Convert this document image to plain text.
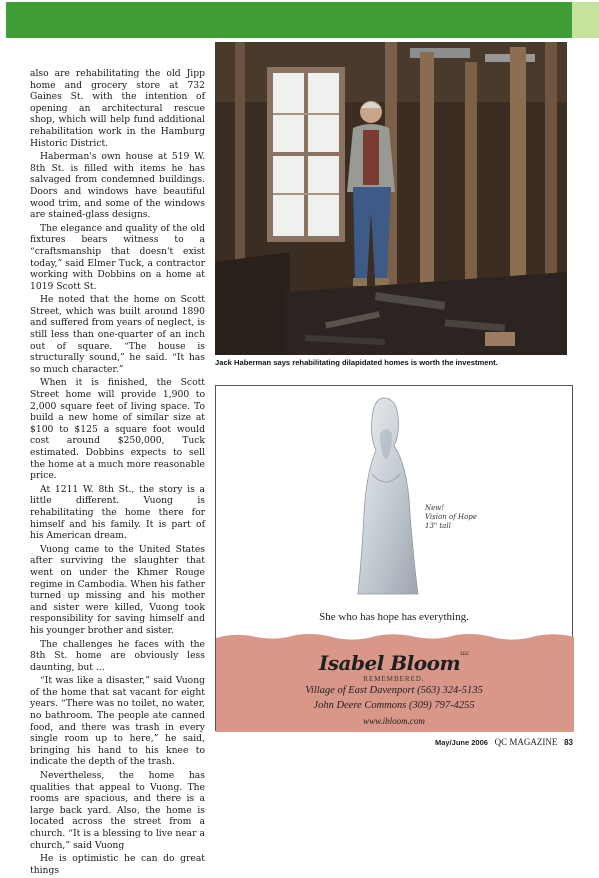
also are rehabilitating the old Jipp home and grocery store at 732 Gaines St. with the intention of opening an architectural rescue shop, which will help fund additional rehabilitation work in the Hamburg Historic District.

Haberman's own house at 519 W. 8th St. is filled with items he has salvaged from condemned buildings. Doors and windows have beautiful wood trim, and some of the windows are stained-glass designs.

The elegance and quality of the old fixtures bears witness to a “craftsmanship that doesn't exist today,” said Elmer Tuck, a contractor working with Dobbins on a home at 1019 Scott St.

He noted that the home on Scott Street, which was built around 1890 and suffered from years of neglect, is still less than one-quarter of an inch out of square. “The house is structurally sound,” he said. “It has so much character.”

When it is finished, the Scott Street home will provide 1,900 to 2,000 square feet of living space. To build a new home of similar size at $100 to $125 a square foot would cost around $250,000, Tuck estimated. Dobbins expects to sell the home at a much more reasonable price.

At 1211 W. 8th St., the story is a little different. Vuong is rehabilitating the home there for himself and his family. It is part of his American dream.

Vuong came to the United States after surviving the slaughter that went on under the Khmer Rouge regime in Cambodia. When his father turned up missing and his mother and sister were killed, Vuong took responsibility for saving himself and his younger brother and sister.

The challenges he faces with the 8th St. home are obviously less daunting, but ...

“It was like a disaster,” said Vuong of the home that sat vacant for eight years. “There was no toilet, no water, no bathroom. The people ate canned food, and there was trash in every single room up to here,” he said, bringing his hand to his knee to indicate the depth of the trash.

Nevertheless, the home has qualities that appeal to Vuong. The rooms are spacious, and there is a large back yard. Also, the home is located across the street from a church. “It is a blessing to live near a church,” said Vuong

He is optimistic he can do great things

Jack Haberman says rehabilitating dilapidated homes is worth the investment.
New!
Vision of Hope
13" tall
She who has hope has everything.
Isabel Bloom$^{LLC}$
REMEMBERED.
Village of East Davenport (563) 324-5135
John Deere Commons (309) 797-4255
www.ibloom.com
May/June 2006 QC MAGAZINE 83
